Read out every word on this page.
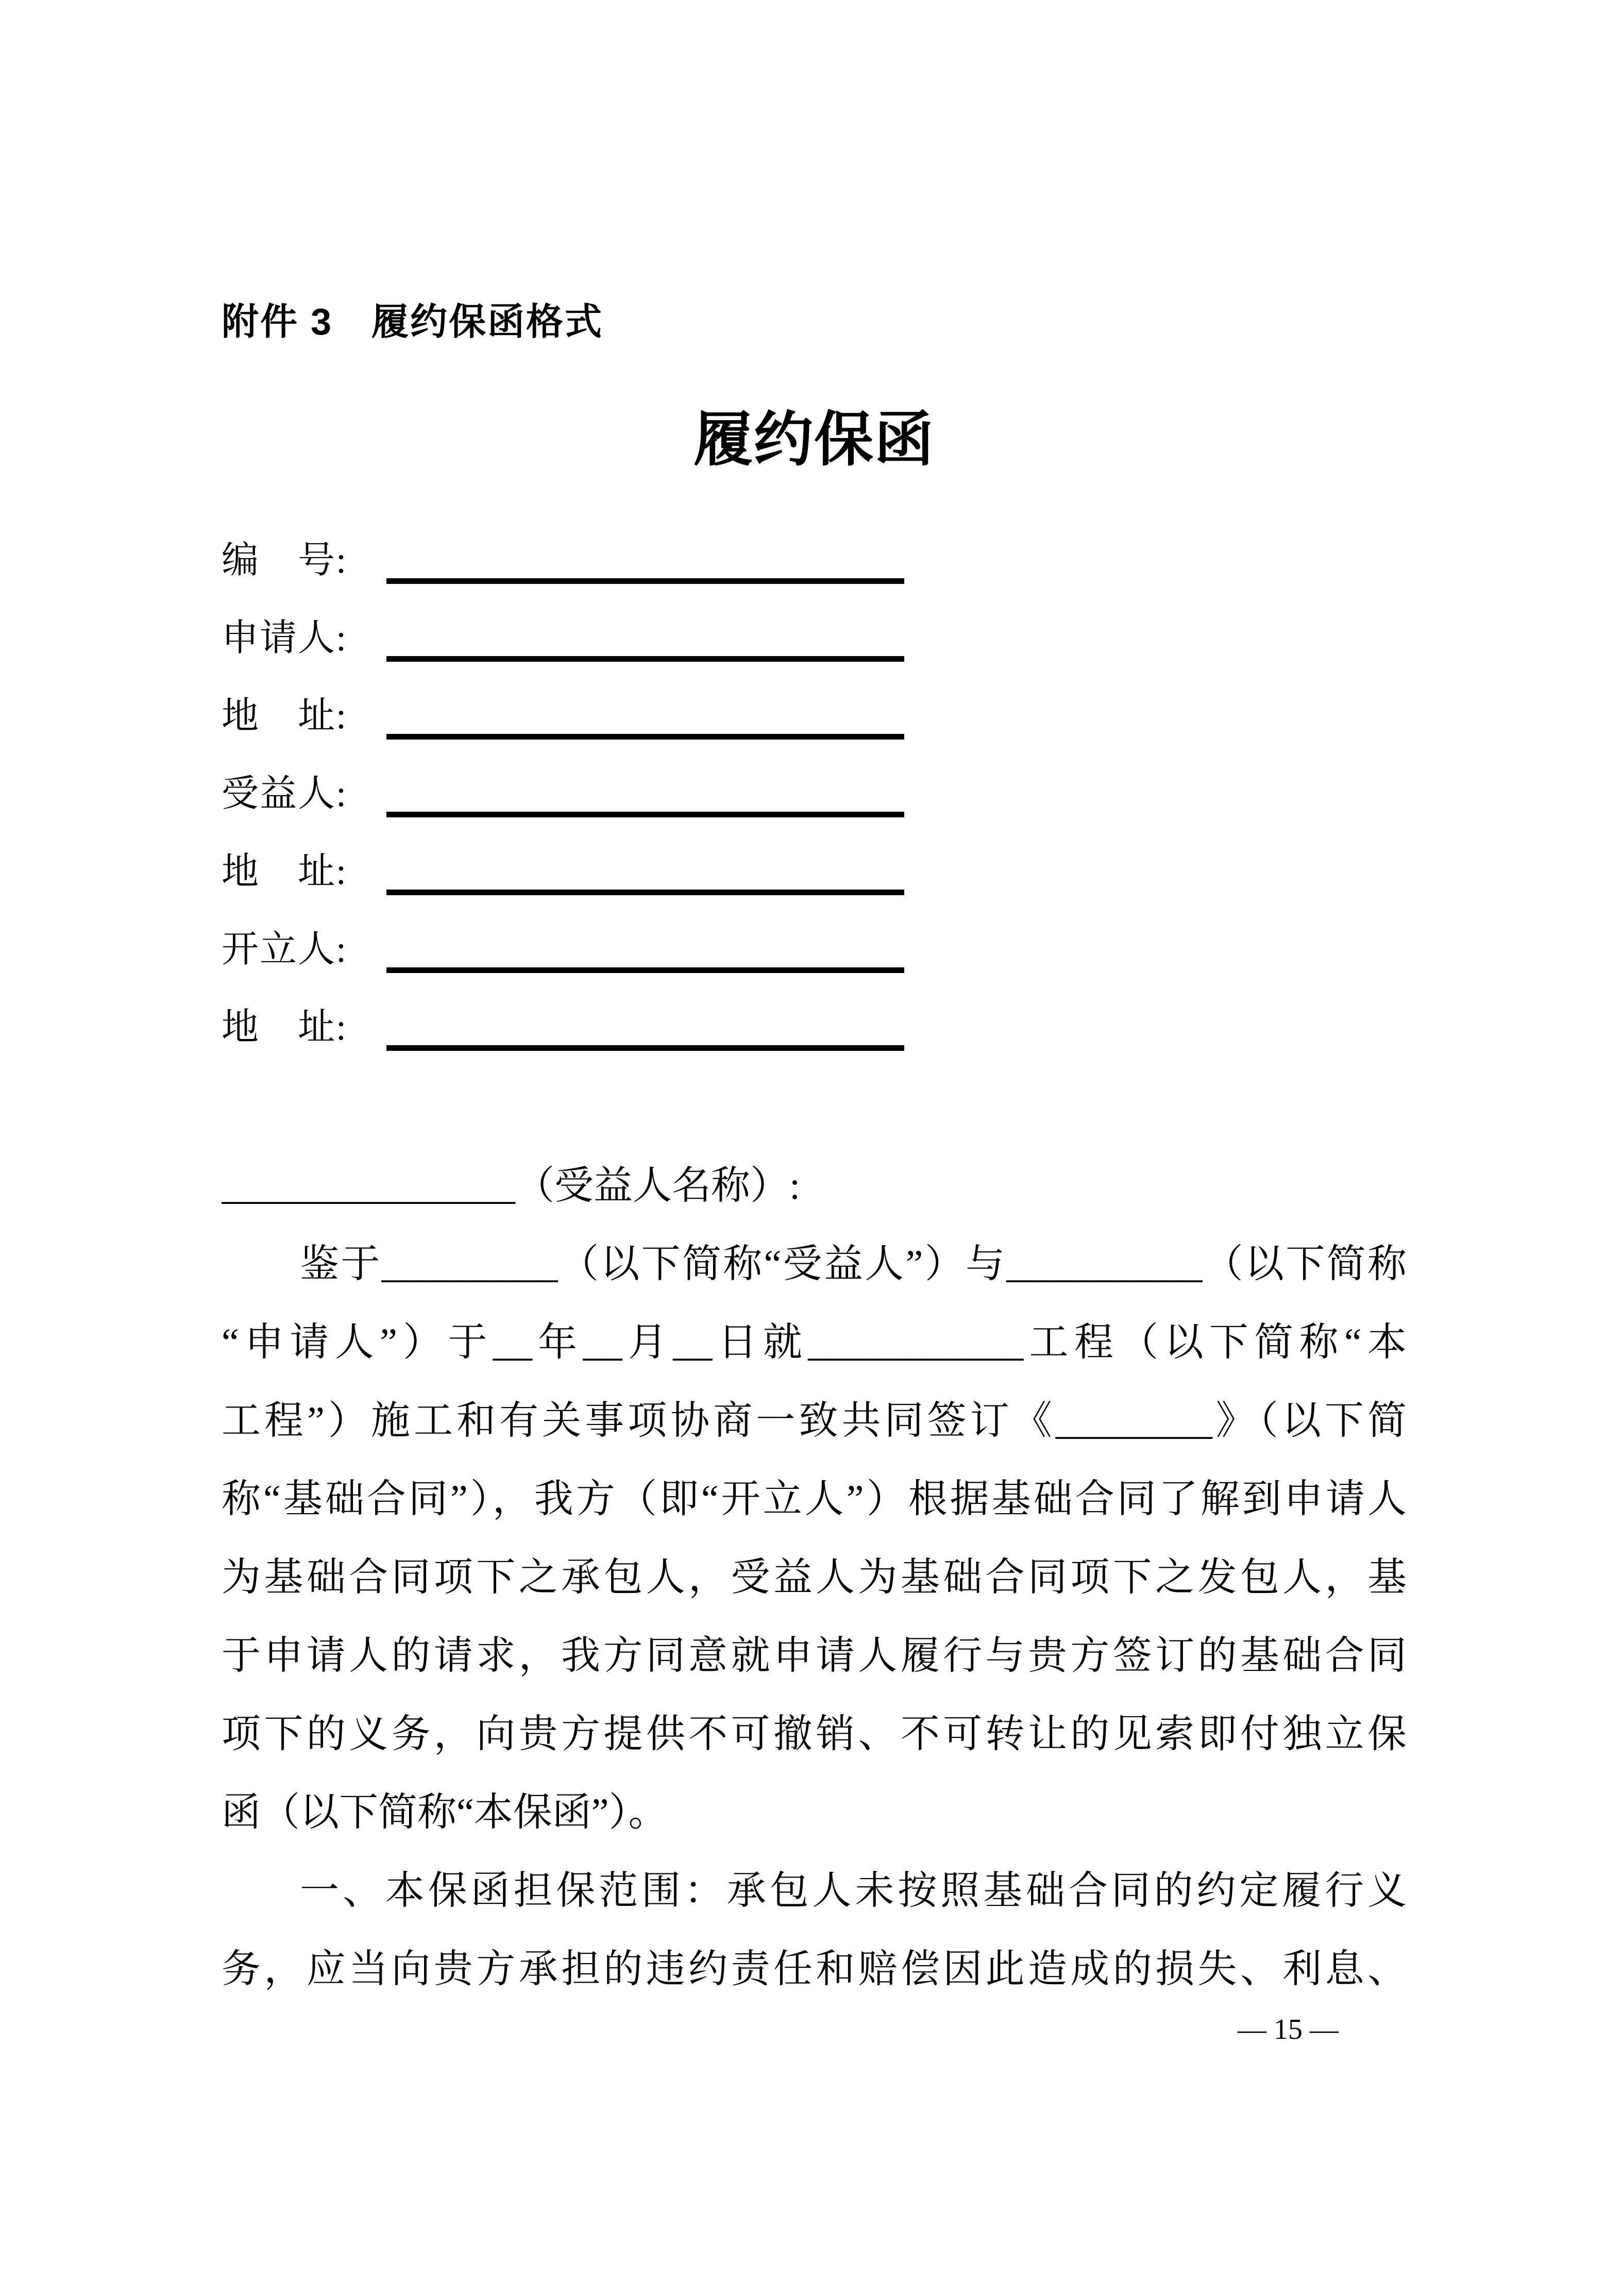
附件 3　履约保函格式
履约保函
编　号:
申请人:
地　址:
受益人:
地　址:
开立人:
地　址:
_______________（受益人名称）:
鉴于_________（以下简称“受益人”）与__________（以下简称
“申请人”）于__年__月__日就___________工程（以下简称“本
工程”）施工和有关事项协商一致共同签订《________》（以下简
称“基础合同”），我方（即“开立人”）根据基础合同了解到申请人
为基础合同项下之承包人，受益人为基础合同项下之发包人，基
于申请人的请求，我方同意就申请人履行与贵方签订的基础合同
项下的义务，向贵方提供不可撤销、不可转让的见索即付独立保
函（以下简称“本保函”）。
一、本保函担保范围：承包人未按照基础合同的约定履行义
务，应当向贵方承担的违约责任和赔偿因此造成的损失、利息、
— 15 —
